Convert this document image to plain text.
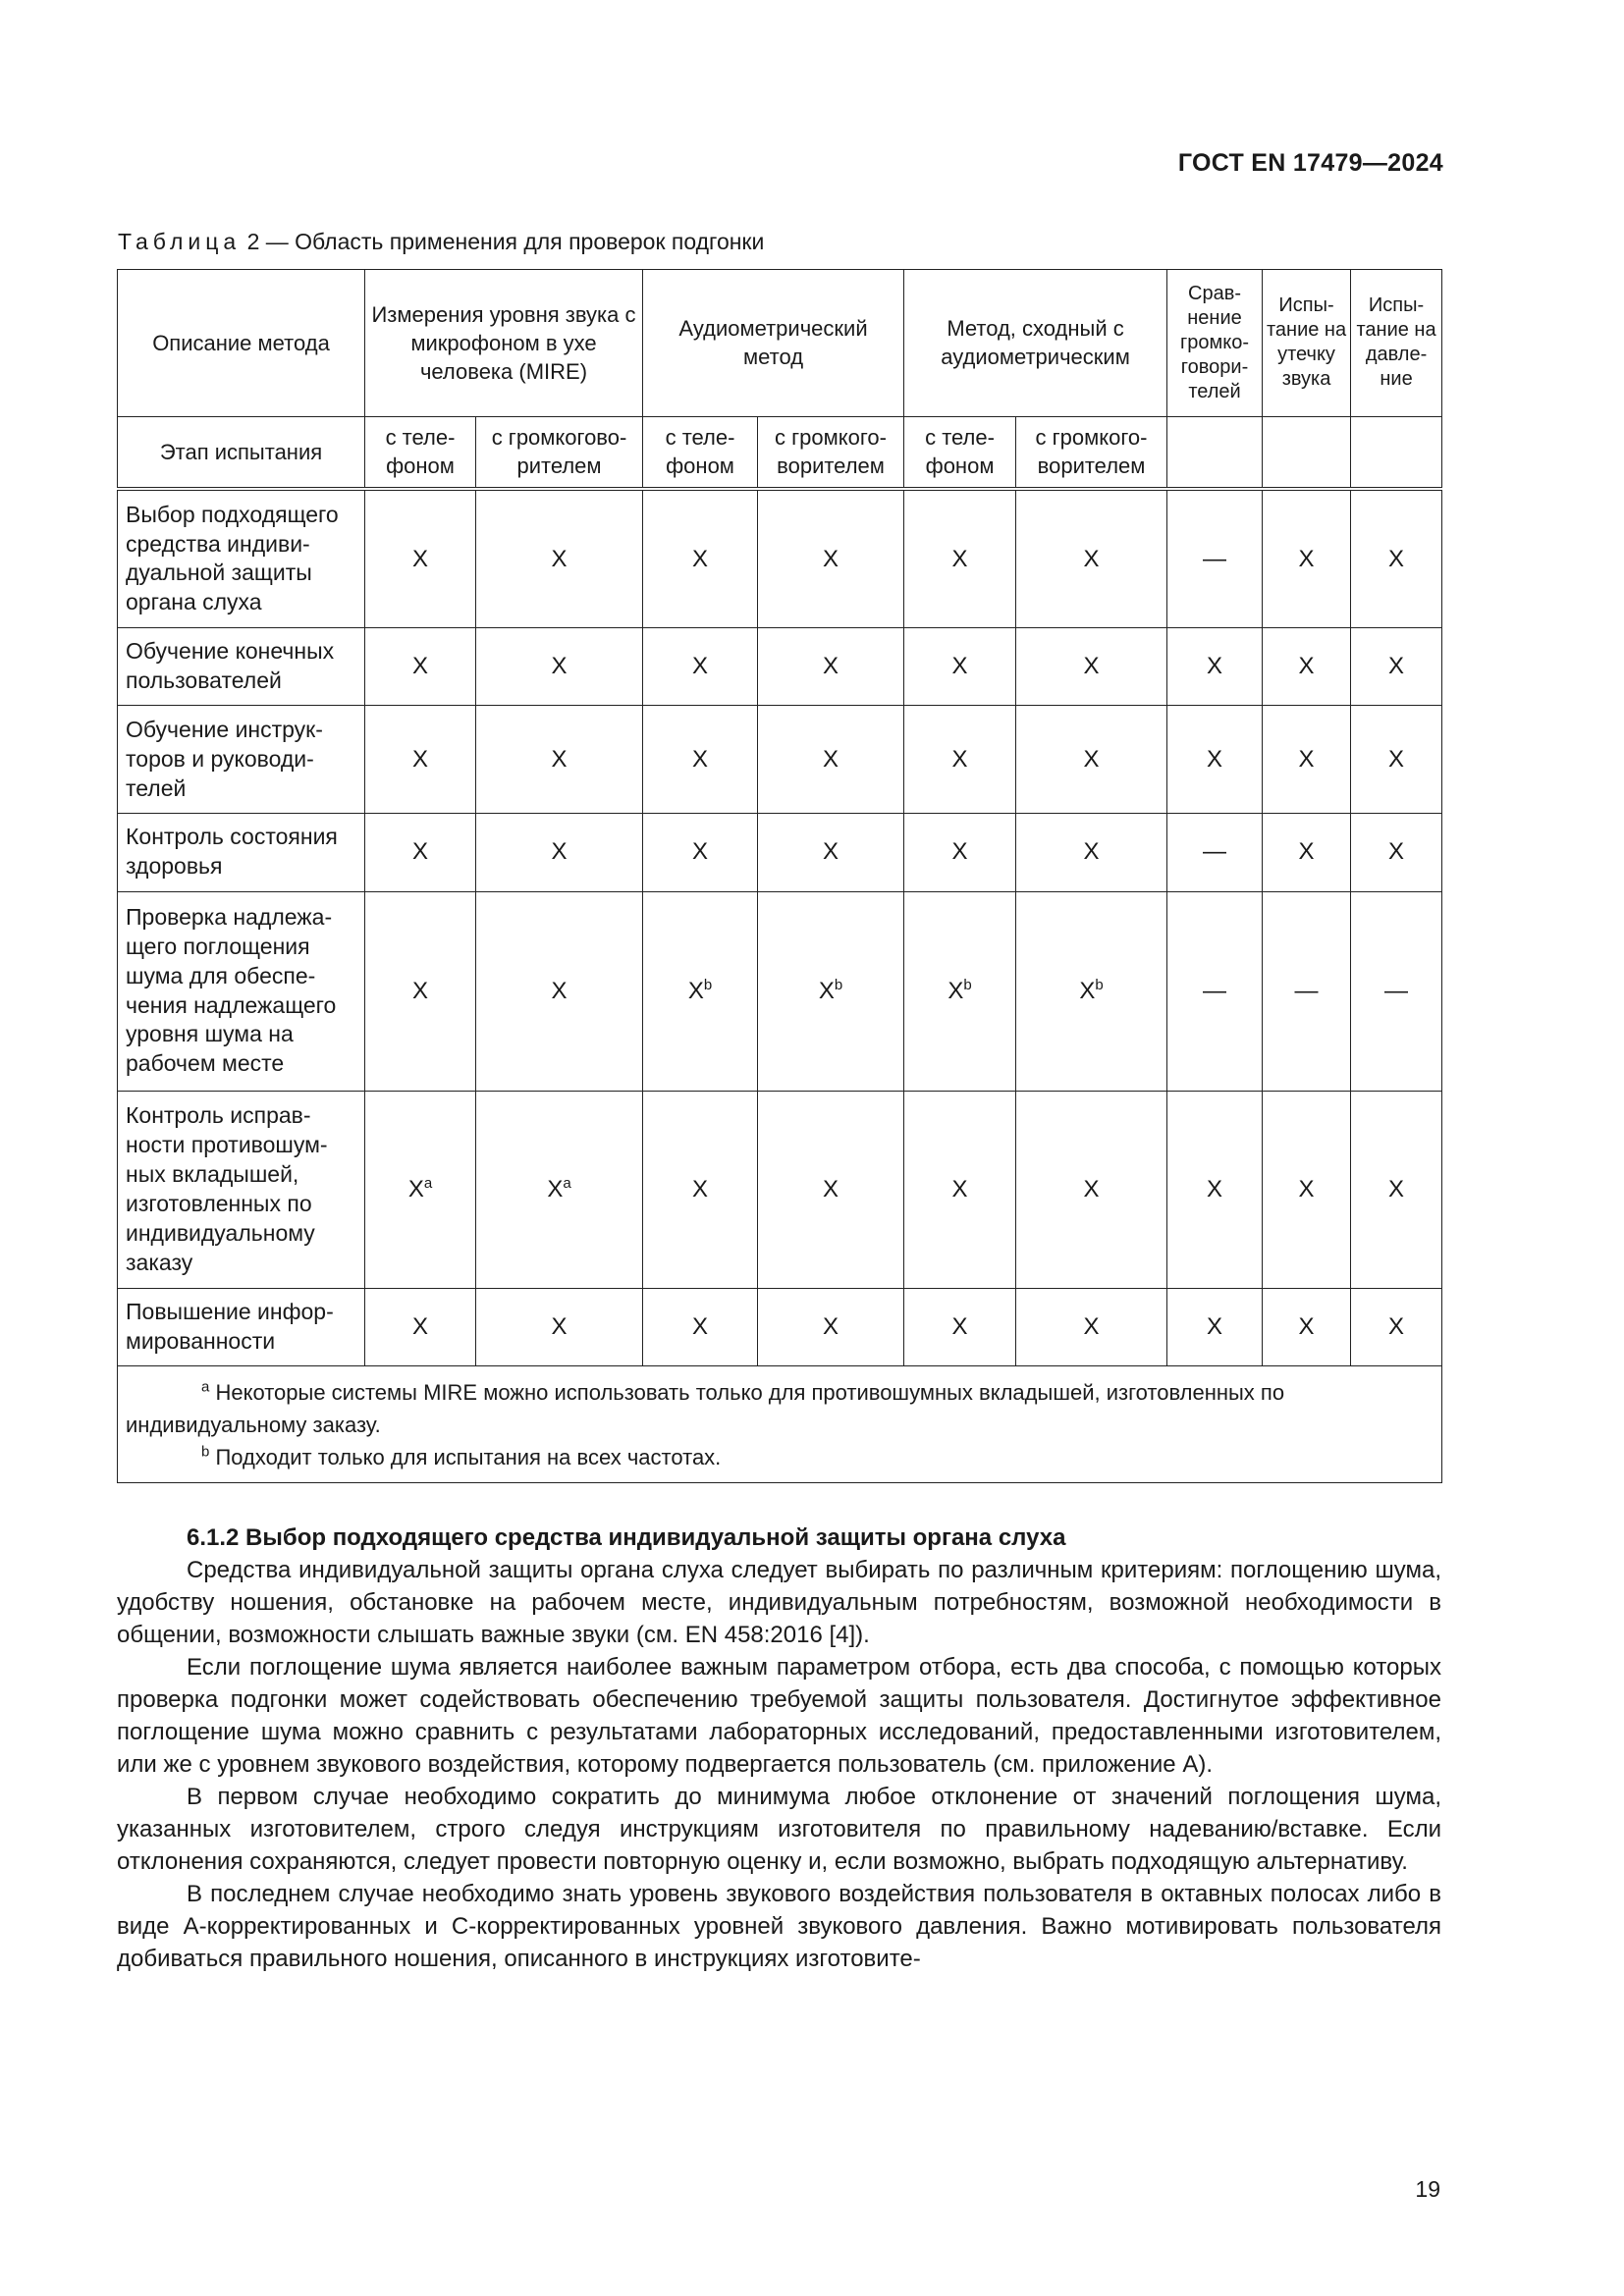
ГОСТ EN 17479—2024
Таблица 2 — Область применения для проверок подгонки
Описание метода	Измерения уровня звука с микрофоном в ухе человека (MIRE)		Аудиометрический метод		Метод, сходный с аудиометрическим		Срав-нение громко-говори-телей	Испы-тание на утечку звука	Испы-тание на давле-ние
Этап испытания	с теле-фоном	с громкогово-рителем	с теле-фоном	с громкого-ворителем	с теле-фоном	с громкого-ворителем			
Выбор подходящего средства индиви-дуальной защиты органа слуха	X	X	X	X	X	X	—	X	X
Обучение конечных пользователей	X	X	X	X	X	X	X	X	X
Обучение инструк-торов и руководи-телей	X	X	X	X	X	X	X	X	X
Контроль состояния здоровья	X	X	X	X	X	X	—	X	X
Проверка надлежа-щего поглощения шума для обеспе-чения надлежащего уровня шума на рабочем месте	X	X	$X^b$	$X^b$	$X^b$	$X^b$	—	—	—
Контроль исправ-ности противошум-ных вкладышей, изготовленных по индивидуальному заказу	$X^a$	$X^a$	X	X	X	X	X	X	X
Повышение инфор-мированности	X	X	X	X	X	X	X	X	X

$^a$ Некоторые системы MIRE можно использовать только для противошумных вкладышей, изготовленных по индивидуальному заказу.
$^b$ Подходит только для испытания на всех частотах.									
6.1.2 Выбор подходящего средства индивидуальной защиты органа слуха

Средства индивидуальной защиты органа слуха следует выбирать по различным критериям: поглощению шума, удобству ношения, обстановке на рабочем месте, индивидуальным потребностям, возможной необходимости в общении, возможности слышать важные звуки (см. EN 458:2016 [4]).

Если поглощение шума является наиболее важным параметром отбора, есть два способа, с помощью которых проверка подгонки может содействовать обеспечению требуемой защиты пользователя. Достигнутое эффективное поглощение шума можно сравнить с результатами лабораторных исследований, предоставленными изготовителем, или же с уровнем звукового воздействия, которому подвергается пользователь (см. приложение А).

В первом случае необходимо сократить до минимума любое отклонение от значений поглощения шума, указанных изготовителем, строго следуя инструкциям изготовителя по правильному надеванию/вставке. Если отклонения сохраняются, следует провести повторную оценку и, если возможно, выбрать подходящую альтернативу.

В последнем случае необходимо знать уровень звукового воздействия пользователя в октавных полосах либо в виде А-корректированных и С-корректированных уровней звукового давления. Важно мотивировать пользователя добиваться правильного ношения, описанного в инструкциях изготовите-

19
